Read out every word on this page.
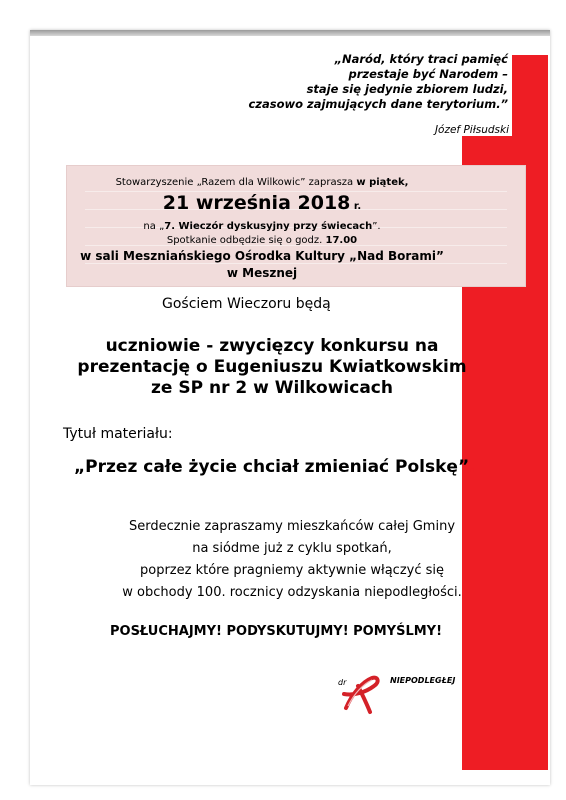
„Naród, który traci pamięć
przestaje być Narodem –
staje się jedynie zbiorem ludzi,
czasowo zajmujących dane terytorium.”
Józef Piłsudski
Stowarzyszenie „Razem dla Wilkowic” zaprasza w piątek,
21 września 2018 r.
na „7. Wieczór dyskusyjny przy świecach”.
Spotkanie odbędzie się o godz. 17.00
w sali Meszniańskiego Ośrodka Kultury „Nad Borami”
w Mesznej
Gościem Wieczoru będą
uczniowie - zwycięzcy konkursu na
prezentację o Eugeniuszu Kwiatkowskim
ze SP nr 2 w Wilkowicach
Tytuł materiału:
„Przez całe życie chciał zmieniać Polskę”.
Serdecznie zapraszamy mieszkańców całej Gminy
na siódme już z cyklu spotkań,
poprzez które pragniemy aktywnie włączyć się
w obchody 100. rocznicy odzyskania niepodległości.
POSŁUCHAJMY! PODYSKUTUJMY! POMYŚLMY!
dr	NIEPODLEGŁEJ
